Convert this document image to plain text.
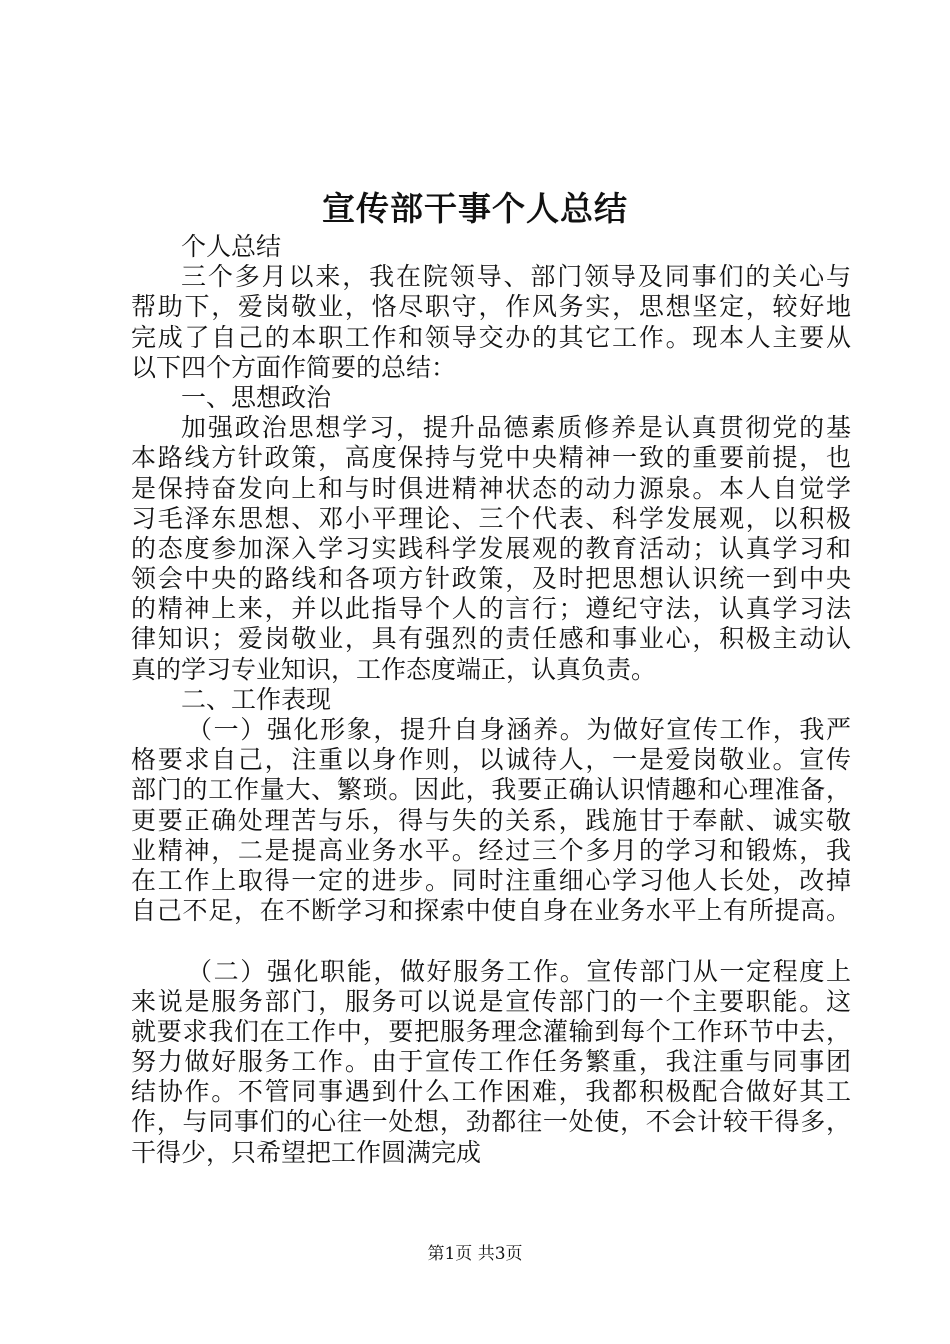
宣传部干事个人总结
个人总结
三个多月以来，我在院领导、部门领导及同事们的关心与
帮助下，爱岗敬业，恪尽职守，作风务实，思想坚定，较好地
完成了自己的本职工作和领导交办的其它工作。现本人主要从
以下四个方面作简要的总结：
一、思想政治
加强政治思想学习，提升品德素质修养是认真贯彻党的基
本路线方针政策，高度保持与党中央精神一致的重要前提，也
是保持奋发向上和与时俱进精神状态的动力源泉。本人自觉学
习毛泽东思想、邓小平理论、三个代表、科学发展观，以积极
的态度参加深入学习实践科学发展观的教育活动；认真学习和
领会中央的路线和各项方针政策，及时把思想认识统一到中央
的精神上来，并以此指导个人的言行；遵纪守法，认真学习法
律知识；爱岗敬业，具有强烈的责任感和事业心，积极主动认
真的学习专业知识，工作态度端正，认真负责。
二、工作表现
（一）强化形象，提升自身涵养。为做好宣传工作，我严
格要求自己，注重以身作则，以诚待人，一是爱岗敬业。宣传
部门的工作量大、繁琐。因此，我要正确认识情趣和心理准备，
更要正确处理苦与乐，得与失的关系，践施甘于奉献、诚实敬
业精神，二是提高业务水平。经过三个多月的学习和锻炼，我
在工作上取得一定的进步。同时注重细心学习他人长处，改掉
自己不足，在不断学习和探索中使自身在业务水平上有所提高。
（二）强化职能，做好服务工作。宣传部门从一定程度上
来说是服务部门，服务可以说是宣传部门的一个主要职能。这
就要求我们在工作中，要把服务理念灌输到每个工作环节中去，
努力做好服务工作。由于宣传工作任务繁重，我注重与同事团
结协作。不管同事遇到什么工作困难，我都积极配合做好其工
作，与同事们的心往一处想，劲都往一处使，不会计较干得多，
干得少，只希望把工作圆满完成
第1页 共3页
